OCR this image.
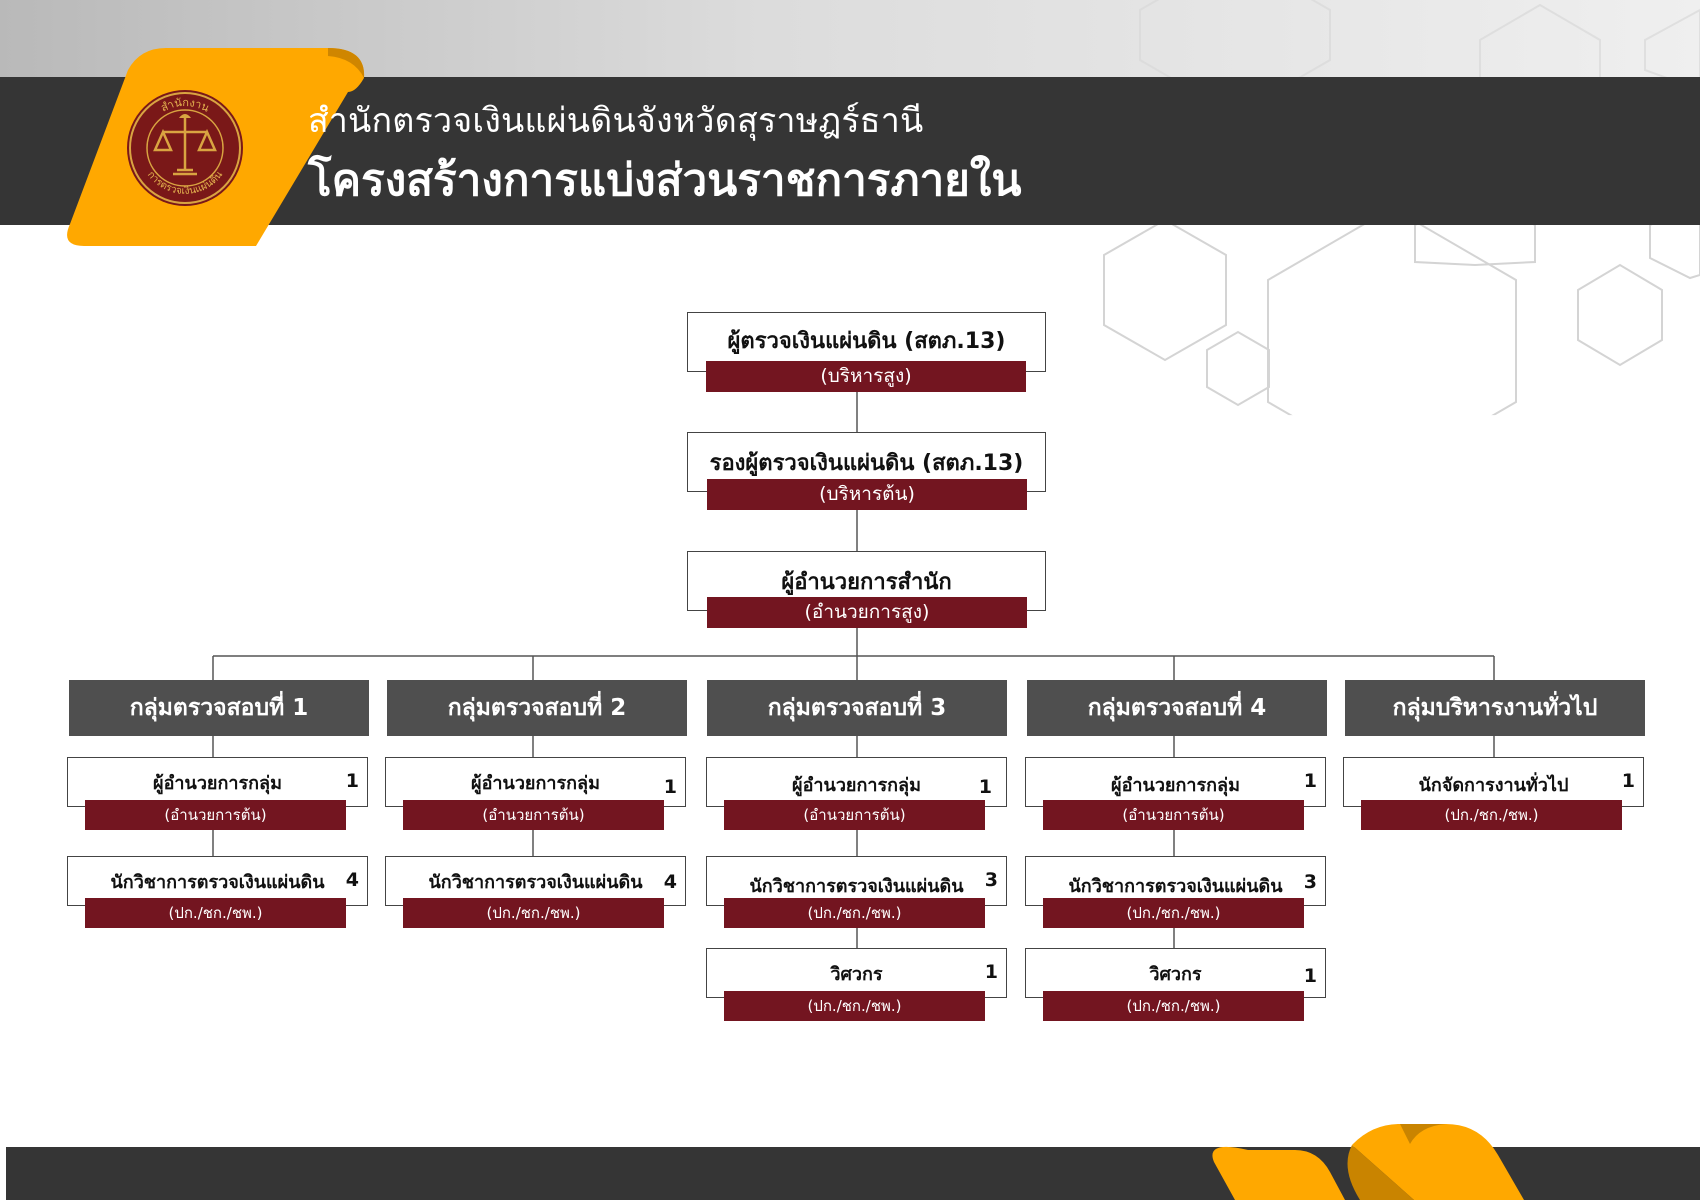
สำนักงาน
การตรวจเงินแผ่นดิน
สำนักตรวจเงินแผ่นดินจังหวัดสุราษฎร์ธานี
โครงสร้างการแบ่งส่วนราชการภายใน
ผู้ตรวจเงินแผ่นดิน (สตภ.13)
(บริหารสูง)
รองผู้ตรวจเงินแผ่นดิน (สตภ.13)
(บริหารต้น)
ผู้อำนวยการสำนัก
(อำนวยการสูง)
กลุ่มตรวจสอบที่ 1	กลุ่มตรวจสอบที่ 2	กลุ่มตรวจสอบที่ 3	กลุ่มตรวจสอบที่ 4	กลุ่มบริหารงานทั่วไป
ผู้อำนวยการกลุ่ม	1
(อำนวยการต้น)
นักวิชาการตรวจเงินแผ่นดิน	4
(ปก./ชก./ชพ.)
ผู้อำนวยการกลุ่ม	1
(อำนวยการต้น)
นักวิชาการตรวจเงินแผ่นดิน	4
(ปก./ชก./ชพ.)
ผู้อำนวยการกลุ่ม	1
(อำนวยการต้น)
นักวิชาการตรวจเงินแผ่นดิน	3
(ปก./ชก./ชพ.)
วิศวกร	1
(ปก./ชก./ชพ.)
ผู้อำนวยการกลุ่ม	1
(อำนวยการต้น)
นักวิชาการตรวจเงินแผ่นดิน	3
(ปก./ชก./ชพ.)
วิศวกร	1
(ปก./ชก./ชพ.)
นักจัดการงานทั่วไป	1
(ปก./ชก./ชพ.)
